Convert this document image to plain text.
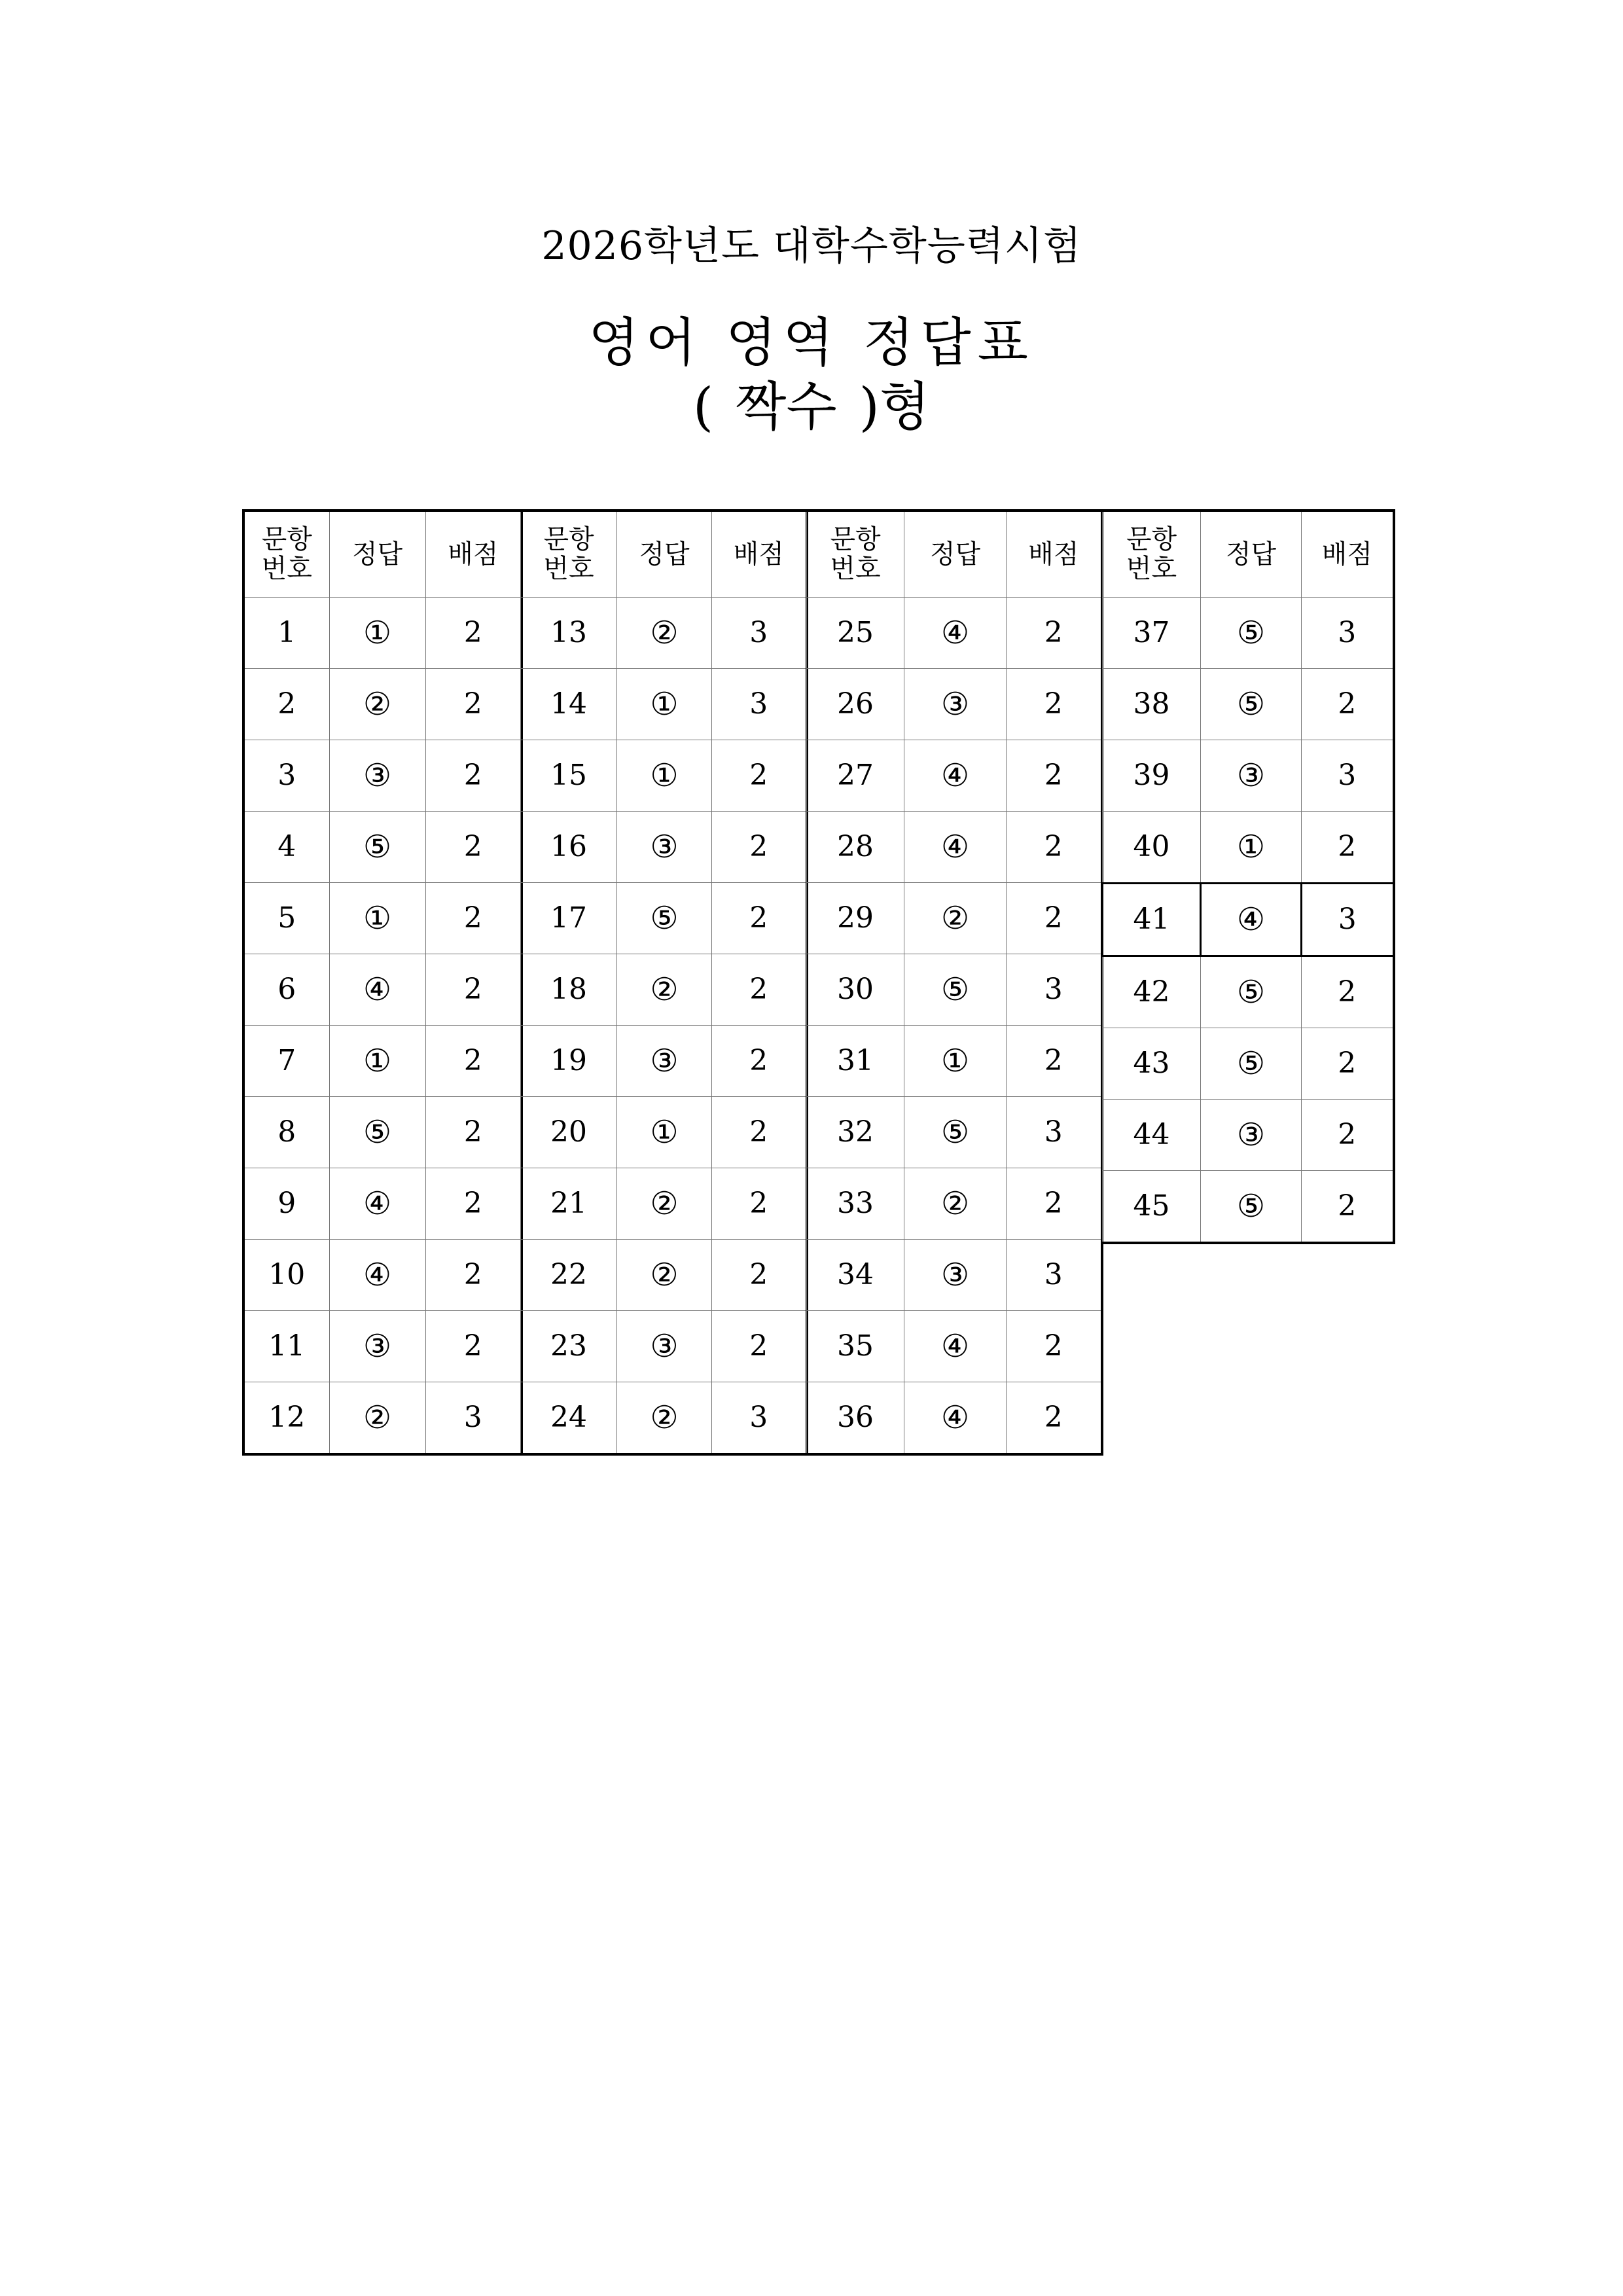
2026학년도 대학수학능력시험
영어 영역 정답표
( 짝수 )형
문항
번호	정답	배점
1	①	2
2	②	2
3	③	2
4	⑤	2
5	①	2
6	④	2
7	①	2
8	⑤	2
9	④	2
10	④	2
11	③	2
12	②	3
문항
번호	정답	배점
13	②	3
14	①	3
15	①	2
16	③	2
17	⑤	2
18	②	2
19	③	2
20	①	2
21	②	2
22	②	2
23	③	2
24	②	3
문항
번호	정답	배점
25	④	2
26	③	2
27	④	2
28	④	2
29	②	2
30	⑤	3
31	①	2
32	⑤	3
33	②	2
34	③	3
35	④	2
36	④	2
문항
번호	정답	배점
37	⑤	3
38	⑤	2
39	③	3
40	①	2
41	④	3
42	⑤	2
43	⑤	2
44	③	2
45	⑤	2
